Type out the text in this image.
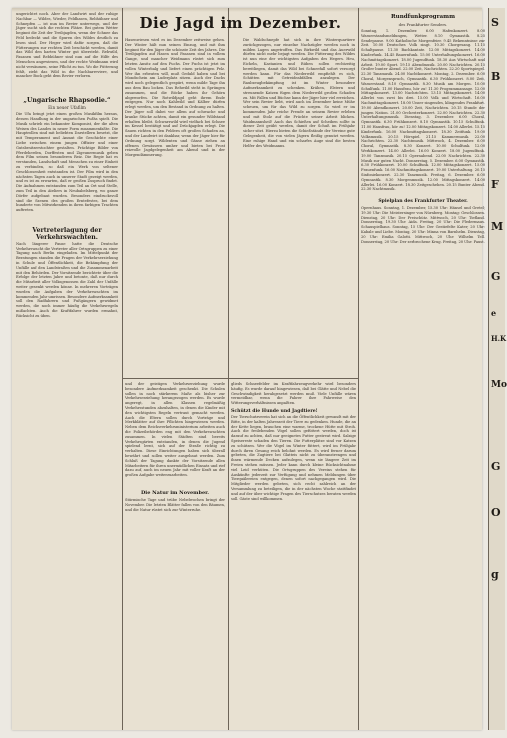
ungerichtet noch. Aber der Landwirt und der ruhige Nachbar — Wildes, Wieder, Feldhasen, Rebhühner und Schnepfen — ist nun im Revier unterwegs, und der Jäger sucht sich die rechten Plätze. Bei gutem Wetter beginnt die Zeit der Treibjagden, wenn der Schnee das Feld bedeckt und die Spuren des Wildes deutlich zu lesen sind. Der Heger wird dafür sorgen, daß die Fütterungen zur rechten Zeit beschickt werden, damit das Wild den harten Winter gut übersteht. Rehwild, Fasanen und Rebhühner sind nun auf die Hilfe des Menschen angewiesen, und der rechte Weidmann wird nicht versäumen, seine Pflicht zu tun. Wo die Fütterung fehlt, zieht das Wild in die Nachbarreviere, und mancher Bock geht dem Revier verloren.
„Ungarische Rhapsodie.“
Ein neuer Ufafilm
Die Ufa bringt jetzt einen großen Musikfilm heraus, dessen Handlung in der ungarischen Pußta spielt. Die Musik schrieb ein bekannter Komponist, der die alten Weisen des Landes in neuer Form zusammenfaßte. Die Hauptrollen sind mit beliebten Darstellern besetzt, die mit Temperament und Anmut die Geschichte einer Liebe zwischen einem jungen Offizier und einer Gutsbesitzerstochter gestalten. Prächtige Bilder von Pferdeherden, Dorffesten und Zigeunermusik geben dem Film seinen besonderen Reiz. Die Regie hat es verstanden, Landschaft und Menschen zu einer Einheit zu verbinden, so daß ein Werk von seltener Geschlossenheit entstanden ist. Der Film wird in den nächsten Tagen auch in unserer Stadt gezeigt werden, und es ist zu erwarten, daß er großen Zuspruch findet. Die Aufnahmen entstanden zum Teil an Ort und Stelle, zum Teil in den Ateliers in Neubabelsberg, wo ganze Dörfer aufgebaut wurden. Besonders eindrucksvoll sind die Szenen des großen Erntefestes, bei dem hunderte von Mitwirkenden in ihren farbigen Trachten auftreten.
Vertreterlagung der Verkehrswachten.
Nach längerer Pause hatte die Deutsche Verkehrswacht die Vertreter aller Ortsgruppen zu einer Tagung nach Berlin eingeladen. Im Mittelpunkt der Beratungen standen die Fragen der Verkehrserziehung in Schule und Öffentlichkeit, die Bekämpfung der Unfälle auf den Landstraßen und die Zusammenarbeit mit den Behörden. Der Vorsitzende berichtete über die Erfolge der letzten Jahre und betonte, daß nur durch die Mitarbeit aller Volksgenossen die Zahl der Unfälle weiter gesenkt werden könne. In mehreren Vorträgen wurden die Aufgaben der Verkehrswachten im kommenden Jahr umrissen. Besondere Aufmerksamkeit soll den Radfahrern und Fußgängern gewidmet werden, die noch immer häufig die Verkehrsregeln mißachten. Auch die Kraftfahrer wurden ermahnt, Rücksicht zu üben.
Die Jagd im Dezember.
Hasenwiesen wird es im Dezember zeitweise gehen. Der Winter hält nun seinen Einzug, und mit ihm beginnt für den Jäger die schönste Zeit des Jahres. Die Treibjagden auf Hasen und Fasanen sind in vollem Gange, und mancher Weidmann rüstet sich zum letzten Ansitz auf den Fuchs. Der Fuchs ist jetzt im vollen Winterbalg und liefert einen prächtigen Pelz. Wer ihn erbeuten will, muß Geduld haben und bei Mondschein am Luderplatz sitzen. Auch der Dachs wird noch gelegentlich gespürt, wenn milde Tage ihn aus dem Bau locken. Das Rehwild steht in Sprüngen zusammen, und die Böcke haben ihr Gehörn abgeworfen. Die Rotwildjagd geht ihrem Ende entgegen. Nur noch Kahlwild und Kälber dürfen erlegt werden, um den Bestand in Ordnung zu halten. Der Jäger soll dabei vor allem auf schwache und kranke Stücke achten, damit ein gesunder Wildstand erhalten bleibt. Schwarzwild wird vielfach bei Schnee im Kessel bestätigt und auf Drückjagden erlegt. Die Sauen richten in den Feldern oft großen Schaden an, und der Landwirt ist dankbar, wenn der Jäger hier für Ordnung sorgt. Wildenten und Gänse ziehen an offenen Gewässern umher und bieten bei Frost reizvolle Jagdgelegenheit am Abend und in der Morgendämmerung.
Die Waldschnepfe hat sich in ihre Winterquartiere zurückgezogen, nur einzelne Nachzügler werden noch in milden Lagen angetroffen. Das Birkwild und das Auerwild dürfen nicht mehr bejagt werden. Die Fütterung des Wildes ist nun eine der wichtigsten Aufgaben des Hegers. Heu, Eicheln, Kastanien und Rüben sollen rechtzeitig bereitliegen, damit das Wild bei Schneefall sofort versorgt werden kann. Für das Niederwild empfiehlt es sich, Schütten mit Getreideabfällen anzulegen. Der Raubzeugbekämpfung ist im Winter besondere Aufmerksamkeit zu schenken. Krähen, Elstern und streunende Katzen fügen dem Niederwild großen Schaden zu. Mit Fallen und Büchse kann der Jäger hier viel erreichen. Wer sein Revier liebt, wird auch im Dezember keine Mühe scheuen, um für das Wild zu sorgen. So wird er im kommenden Jahr reiche Freude an seinem Revier erleben und mit Stolz auf die Früchte seiner Arbeit blicken. Waidmannsheil! Auch das Schießen auf Scheiben sollte in dieser Zeit geübt werden, damit der Schuß im Frühjahr sicher sitzt. Hierzu bieten die Schießstände der Vereine gute Gelegenheit, die von vielen Jägern fleißig genutzt werden. Eine ruhige Hand und ein scharfes Auge sind die besten Helfer des Weidmanns.
und der geistigen Verkehrserziehung wurde besondere Aufmerksamkeit geschenkt. Die Schulen sollen in noch stärkerem Maße als bisher zur Verkehrserziehung herangezogen werden. Es wurde angeregt, in allen Klassen regelmäßig Verkehrsstunden abzuhalten, in denen die Kinder mit den wichtigsten Regeln vertraut gemacht werden. Auch die Eltern sollen durch Vorträge und Merkblätter auf ihre Pflichten hingewiesen werden. Neben dem Reichsverkehrsministerium arbeiten auch die Polizeibehörden eng mit den Verkehrswachten zusammen. In vielen Städten sind bereits Verkehrsgärten entstanden, in denen die Jugend spielend lernt, sich auf der Straße richtig zu verhalten. Diese Einrichtungen haben sich überall bewährt und sollen weiter ausgebaut werden. Zum Schluß der Tagung dankte der Vorsitzende allen Mitarbeitern für ihren unermüdlichen Einsatz und rief dazu auf, auch im neuen Jahr mit voller Kraft an der großen Aufgabe weiterzuarbeiten.
Die Natur im November.
Stürmische Tage und trübe Nebelwochen bringt der November. Die letzten Blätter fallen von den Bäumen, und die Natur rüstet sich zur Winterruhe.
glieds Schneefelder im Kraftfahrzeugverkehr wird besonders häufig. Es wurde darauf hingewiesen, daß bei Glätte und Nebel die Geschwindigkeit herabgesetzt werden muß. Viele Unfälle wären vermeidbar, wenn die Fahrer ihre Fahrweise den Witterungsverhältnissen anpaßten.
Schützt die Hunde und Jagdtiere!
Der Tierschutzverein hat sich an die Öffentlichkeit gewandt mit der Bitte, in der kalten Jahreszeit der Tiere zu gedenken. Hunde, die an der Kette liegen, brauchen eine warme, trockene Hütte mit Stroh. Auch die freilebenden Vögel sollen gefüttert werden, doch ist darauf zu achten, daß nur geeignetes Futter gestreut wird. Salzige Speisereste schaden den Tieren. Die Futterplätze sind vor Katzen zu schützen. Wer die Vögel im Winter füttert, wird im Frühjahr durch ihren Gesang reich belohnt werden. Es wird ferner darum gebeten, die Zugtiere bei Glatteis nicht zu überanstrengen und ihnen wärmende Decken aufzulegen, wenn sie längere Zeit im Freien stehen müssen. Jeder kann durch kleine Rücksichtnahme viel Leid verhüten. Die Ortsgruppen des Vereins stehen für Auskünfte jederzeit zur Verfügung und nehmen Meldungen über Tierquälereien entgegen, denen sofort nachgegangen wird. Die Mitglieder werden gebeten, sich recht zahlreich an der Versammlung zu beteiligen, die in der nächsten Woche stattfindet und auf der über wichtige Fragen des Tierschutzes beraten werden soll. Gäste sind willkommen.
Rundfunkprogramm
des Frankfurter Senders.
Sonntag, 1. Dezember. 6.00 Hafenkonzert. 8.00 Wasserstandsmeldungen, Wetter. 8.10 Gymnastik. 8.25 Sendepause. 9.00 Katholische Morgenfeier. 9.45 Bekenntnisse zur Zeit. 10.00 Deutsches Volk singt. 10.30 Chorgesang. 11.15 Schaltpause. 11.30 Bachkantate. 12.00 Mittagskonzert. 14.00 Kinderfunk. 14.45 Bauernfunk. 15.00 Unterhaltungskonzert. 16.00 Nachmittagskonzert. 18.00 Jugendfunk. 18.30 Aus Wirtschaft und Arbeit. 19.00 Sport. 19.15 Abendmusik. 20.00 Nachrichten. 20.15 Großer bunter Abend. 22.00 Zeit, Nachrichten. 22.20 Sportspiegel. 22.30 Tanzmusik. 24.00 Nachtkonzert. Montag, 2. Dezember. 6.00 Choral, Morgenspruch, Gymnastik. 6.30 Frühkonzert. 8.00 Zeit, Wasserstand. 8.10 Gymnastik. 8.30 Musik am Morgen. 10.00 Schulfunk. 11.00 Hausfrau, hör zu! 11.30 Programmansage. 12.00 Mittagskonzert. 13.00 Nachrichten. 13.15 Mittagskonzert. 14.00 Allerlei von zwei bis drei. 15.00 Volk und Wirtschaft. 16.00 Nachmittagskonzert. 18.00 Unser singendes, klingendes Frankfurt. 19.00 Abendkonzert. 20.00 Zeit, Nachrichten. 20.15 Stunde der jungen Nation. 21.00 Orchesterkonzert. 22.00 Nachrichten. 22.30 Unterhaltungsmusik. Dienstag, 3. Dezember. 6.00 Choral, Gymnastik. 6.30 Frühkonzert. 8.10 Gymnastik. 10.15 Schulfunk. 11.00 Hausfrau, hör zu! 12.00 Mittagskonzert. 14.00 Allerlei. 15.15 Kinderfunk. 16.00 Nachmittagskonzert. 18.30 Zeitfunk. 19.00 Volksmusik. 20.15 Hörspiel. 21.15 Kammermusik. 22.00 Nachrichten. 22.30 Nachtmusik. Mittwoch, 4. Dezember. 6.00 Choral, Gymnastik. 8.30 Konzert. 10.00 Schulfunk. 12.00 Werkkonzert. 14.00 Allerlei. 16.00 Konzert. 18.00 Jugendfunk. 19.00 Tanzmusik. 20.15 Opernabend. 22.00 Nachrichten. 22.30 Musik zur guten Nacht. Donnerstag, 5. Dezember. 6.00 Gymnastik. 6.30 Frühkonzert. 10.00 Schulfunk. 12.00 Mittagskonzert. 15.00 Frauenfunk. 16.00 Nachmittagskonzert. 19.00 Unterhaltung. 20.15 Sinfoniekonzert. 22.30 Tanzmusik. Freitag, 6. Dezember. 6.00 Gymnastik. 8.30 Morgenmusik. 12.00 Mittagskonzert. 14.00 Allerlei. 16.00 Konzert. 18.30 Zeitgeschehen. 20.15 Bunter Abend. 22.30 Nachtmusik.
Spielplan des Frankfurter Theater.
Opernhaus. Sonntag, 1. Dezember, 15.30 Uhr: Hänsel und Gretel; 19.30 Uhr: Die Meistersinger von Nürnberg. Montag: Geschlossen. Dienstag, 20 Uhr: Der Freischütz. Mittwoch, 20 Uhr: Tiefland. Donnerstag, 19.30 Uhr: Aida. Freitag, 20 Uhr: Die Fledermaus. Schauspielhaus. Sonntag, 15 Uhr: Der Gestiefelte Kater; 20 Uhr: Kabale und Liebe. Montag, 20 Uhr: Minna von Barnhelm. Dienstag, 20 Uhr: Emilia Galotti. Mittwoch, 20 Uhr: Wilhelm Tell. Donnerstag, 20 Uhr: Der zerbrochene Krug. Freitag, 20 Uhr: Faust.
S
B
F
M
G
e
H.K
Mo
G
O
g
